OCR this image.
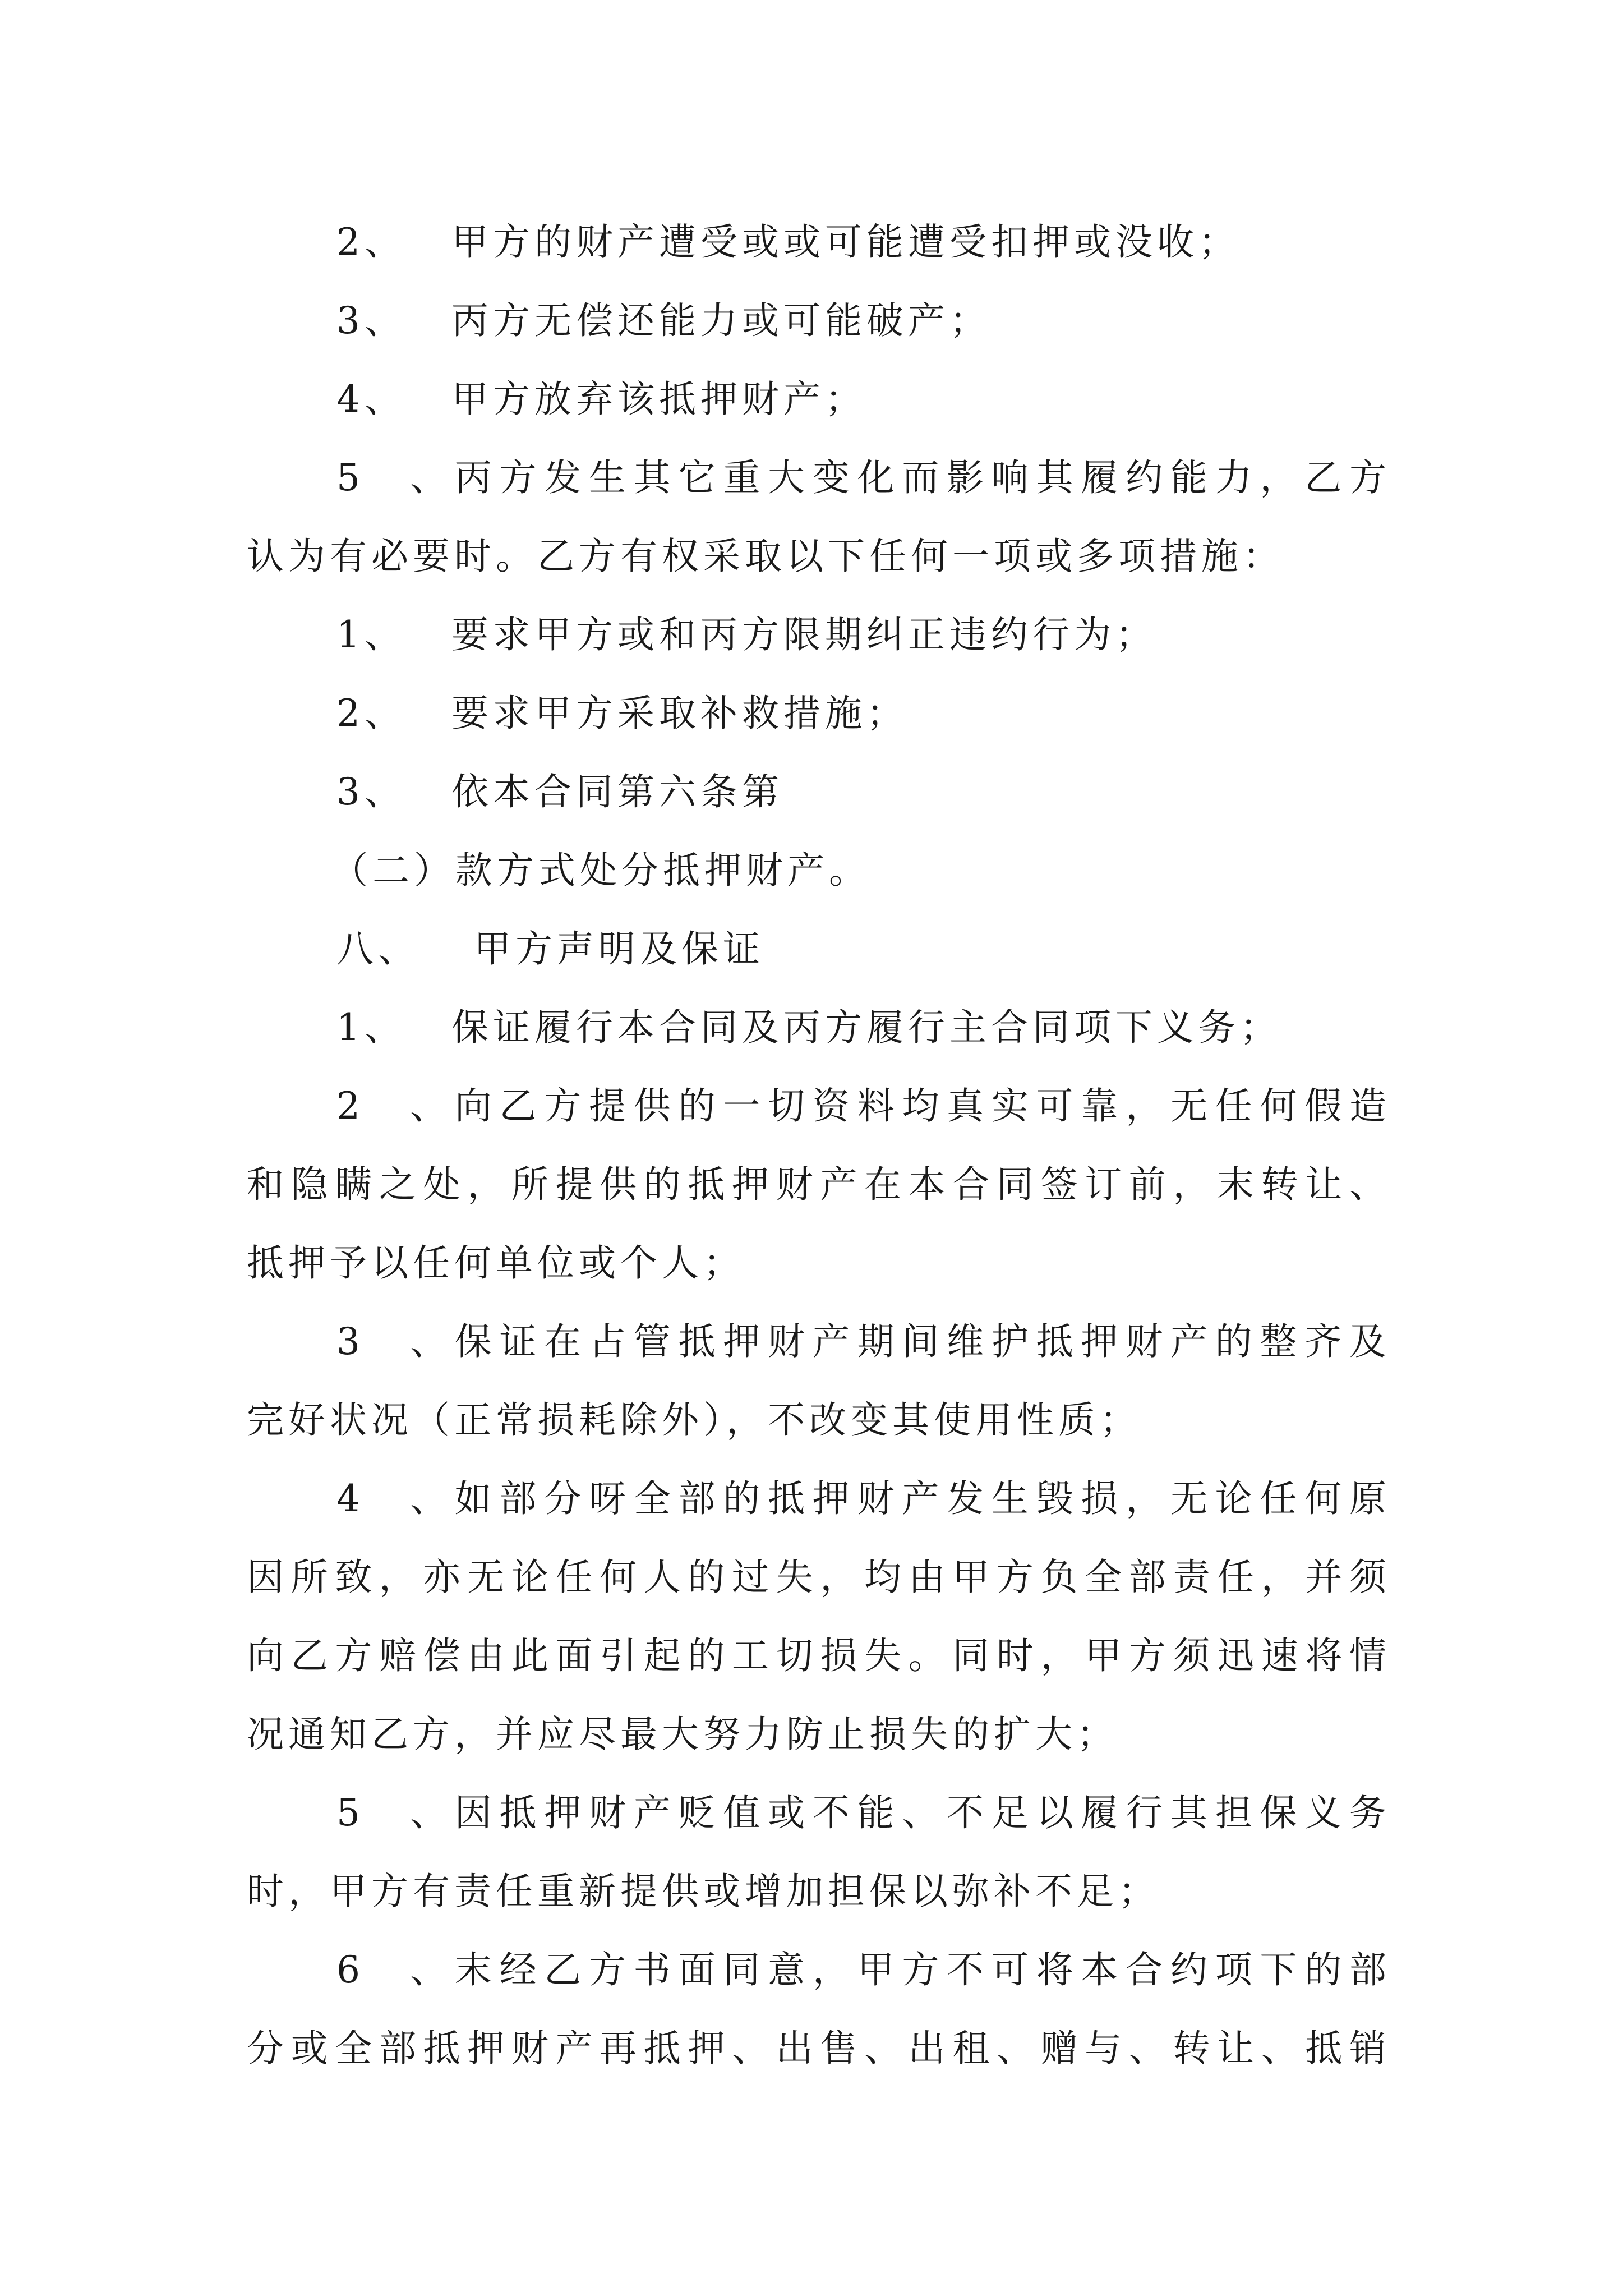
2、 甲方的财产遭受或或可能遭受扣押或没收；
3、 丙方无偿还能力或可能破产；
4、 甲方放弃该抵押财产；
5、丙方发生其它重大变化而影响其履约能力，乙方
认为有必要时。乙方有权采取以下任何一项或多项措施：
1、 要求甲方或和丙方限期纠正违约行为；
2、 要求甲方采取补救措施；
3、 依本合同第六条第
（二）款方式处分抵押财产。
八、 甲方声明及保证
1、 保证履行本合同及丙方履行主合同项下义务；
2、向乙方提供的一切资料均真实可靠，无任何假造
和隐瞒之处，所提供的抵押财产在本合同签订前，末转让、
抵押予以任何单位或个人；
3、保证在占管抵押财产期间维护抵押财产的整齐及
完好状况（正常损耗除外），不改变其使用性质；
4、如部分呀全部的抵押财产发生毁损，无论任何原
因所致，亦无论任何人的过失，均由甲方负全部责任，并须
向乙方赔偿由此面引起的工切损失。同时，甲方须迅速将情
况通知乙方，并应尽最大努力防止损失的扩大；
5、因抵押财产贬值或不能、不足以履行其担保义务
时，甲方有责任重新提供或增加担保以弥补不足；
6、末经乙方书面同意，甲方不可将本合约项下的部
分或全部抵押财产再抵押、出售、出租、赠与、转让、抵销
